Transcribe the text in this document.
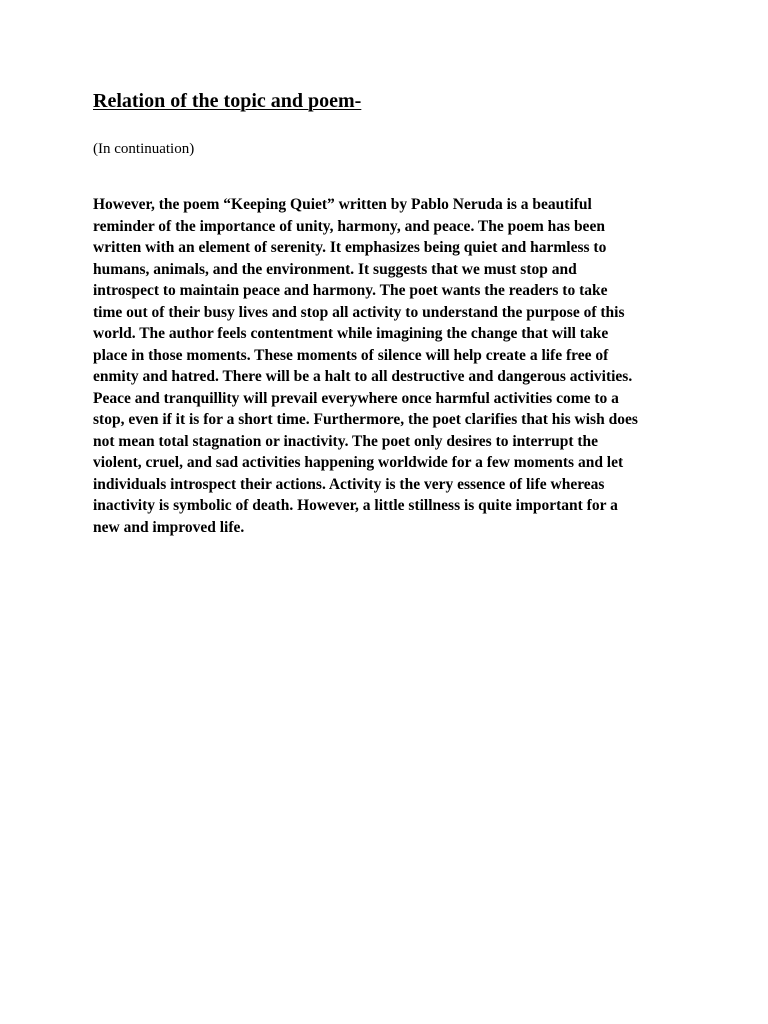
Relation of the topic and poem-

(In continuation)

However, the poem “Keeping Quiet” written by Pablo Neruda is a beautiful
reminder of the importance of unity, harmony, and peace. The poem has been
written with an element of serenity. It emphasizes being quiet and harmless to
humans, animals, and the environment. It suggests that we must stop and
introspect to maintain peace and harmony. The poet wants the readers to take
time out of their busy lives and stop all activity to understand the purpose of this
world. The author feels contentment while imagining the change that will take
place in those moments. These moments of silence will help create a life free of
enmity and hatred. There will be a halt to all destructive and dangerous activities.
Peace and tranquillity will prevail everywhere once harmful activities come to a
stop, even if it is for a short time. Furthermore, the poet clarifies that his wish does
not mean total stagnation or inactivity. The poet only desires to interrupt the
violent, cruel, and sad activities happening worldwide for a few moments and let
individuals introspect their actions. Activity is the very essence of life whereas
inactivity is symbolic of death. However, a little stillness is quite important for a
new and improved life.
